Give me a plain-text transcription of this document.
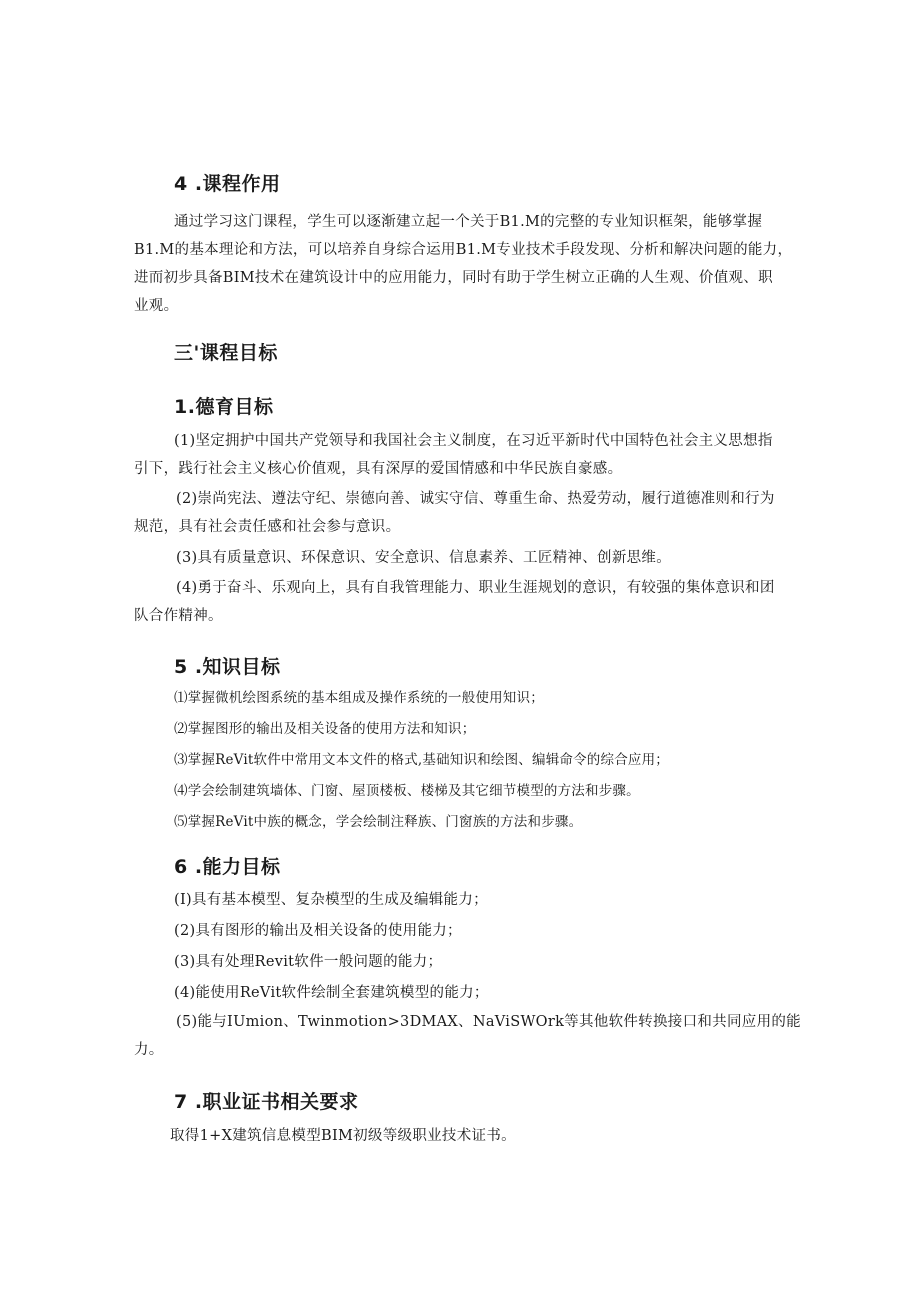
4 .课程作用
通过学习这门课程，学生可以逐渐建立起一个关于B1.M的完整的专业知识框架，能够掌握
B1.M的基本理论和方法，可以培养自身综合运用B1.M专业技术手段发现、分析和解决问题的能力，
进而初步具备BIM技术在建筑设计中的应用能力，同时有助于学生树立正确的人生观、价值观、职
业观。
三'课程目标
1.德育目标
(1)坚定拥护中国共产党领导和我国社会主义制度，在习近平新时代中国特色社会主义思想指
引下，践行社会主义核心价值观，具有深厚的爱国情感和中华民族自豪感。
(2)崇尚宪法、遵法守纪、崇德向善、诚实守信、尊重生命、热爱劳动，履行道德准则和行为
规范，具有社会责任感和社会参与意识。
(3)具有质量意识、环保意识、安全意识、信息素养、工匠精神、创新思维。
(4)勇于奋斗、乐观向上，具有自我管理能力、职业生涯规划的意识，有较强的集体意识和团
队合作精神。
5 .知识目标
⑴掌握微机绘图系统的基本组成及操作系统的一般使用知识；
⑵掌握图形的输出及相关设备的使用方法和知识；
⑶掌握ReVit软件中常用文本文件的格式,基础知识和绘图、编辑命令的综合应用；
⑷学会绘制建筑墙体、门窗、屋顶楼板、楼梯及其它细节模型的方法和步骤。
⑸掌握ReVit中族的概念，学会绘制注释族、门窗族的方法和步骤。
6 .能力目标
(I)具有基本模型、复杂模型的生成及编辑能力；
(2)具有图形的输出及相关设备的使用能力；
(3)具有处理Revit软件一般问题的能力；
(4)能使用ReVit软件绘制全套建筑模型的能力；
(5)能与IUmion、Twinmotion>3DMAX、NaViSWOrk等其他软件转换接口和共同应用的能
力。
7 .职业证书相关要求
取得1+X建筑信息模型BIM初级等级职业技术证书。
